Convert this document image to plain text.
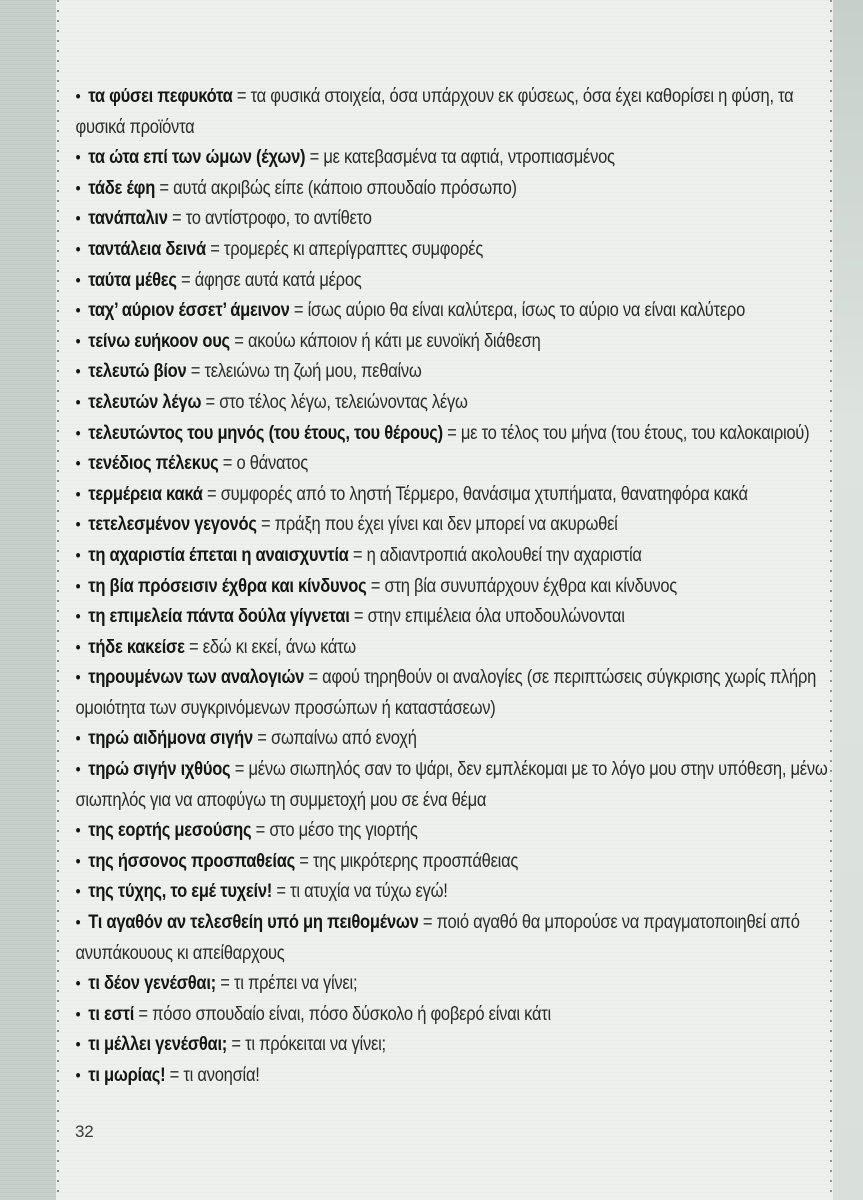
• τα φύσει πεφυκότα = τα φυσικά στοιχεία, όσα υπάρχουν εκ φύσεως, όσα έχει καθορίσει η φύση, τα φυσικά προϊόντα
• τα ώτα επί των ώμων (έχων) = με κατεβασμένα τα αφτιά, ντροπιασμένος
• τάδε έφη = αυτά ακριβώς είπε (κάποιο σπουδαίο πρόσωπο)
• τανάπαλιν = το αντίστροφο, το αντίθετο
• ταντάλεια δεινά = τρομερές κι απερίγραπτες συμφορές
• ταύτα μέθες = άφησε αυτά κατά μέρος
• ταχ’ αύριον έσσετ’ άμεινον = ίσως αύριο θα είναι καλύτερα, ίσως το αύριο να είναι καλύτερο
• τείνω ευήκοον ους = ακούω κάποιον ή κάτι με ευνοϊκή διάθεση
• τελευτώ βίον = τελειώνω τη ζωή μου, πεθαίνω
• τελευτών λέγω = στο τέλος λέγω, τελειώνοντας λέγω
• τελευτώντος του μηνός (του έτους, του θέρους) = με το τέλος του μήνα (του έτους, του καλοκαιριού)
• τενέδιος πέλεκυς = ο θάνατος
• τερμέρεια κακά = συμφορές από το ληστή Τέρμερο, θανάσιμα χτυπήματα, θανατηφόρα κακά
• τετελεσμένον γεγονός = πράξη που έχει γίνει και δεν μπορεί να ακυρωθεί
• τη αχαριστία έπεται η αναισχυντία = η αδιαντροπιά ακολουθεί την αχαριστία
• τη βία πρόσεισιν έχθρα και κίνδυνος = στη βία συνυπάρχουν έχθρα και κίνδυνος
• τη επιμελεία πάντα δούλα γίγνεται = στην επιμέλεια όλα υποδουλώνονται
• τήδε κακείσε = εδώ κι εκεί, άνω κάτω
• τηρουμένων των αναλογιών = αφού τηρηθούν οι αναλογίες (σε περιπτώσεις σύγκρισης χωρίς πλήρη ομοιότητα των συγκρινόμενων προσώπων ή καταστάσεων)
• τηρώ αιδήμονα σιγήν = σωπαίνω από ενοχή
• τηρώ σιγήν ιχθύος = μένω σιωπηλός σαν το ψάρι, δεν εμπλέκομαι με το λόγο μου στην υπόθεση, μένω σιωπηλός για να αποφύγω τη συμμετοχή μου σε ένα θέμα
• της εορτής μεσούσης = στο μέσο της γιορτής
• της ήσσονος προσπαθείας = της μικρότερης προσπάθειας
• της τύχης, το εμέ τυχείν! = τι ατυχία να τύχω εγώ!
• Τι αγαθόν αν τελεσθείη υπό μη πειθομένων = ποιό αγαθό θα μπορούσε να πραγματοποιηθεί από ανυπάκουους κι απείθαρχους
• τι δέον γενέσθαι; = τι πρέπει να γίνει;
• τι εστί = πόσο σπουδαίο είναι, πόσο δύσκολο ή φοβερό είναι κάτι
• τι μέλλει γενέσθαι; = τι πρόκειται να γίνει;
• τι μωρίας! = τι ανοησία!
32
